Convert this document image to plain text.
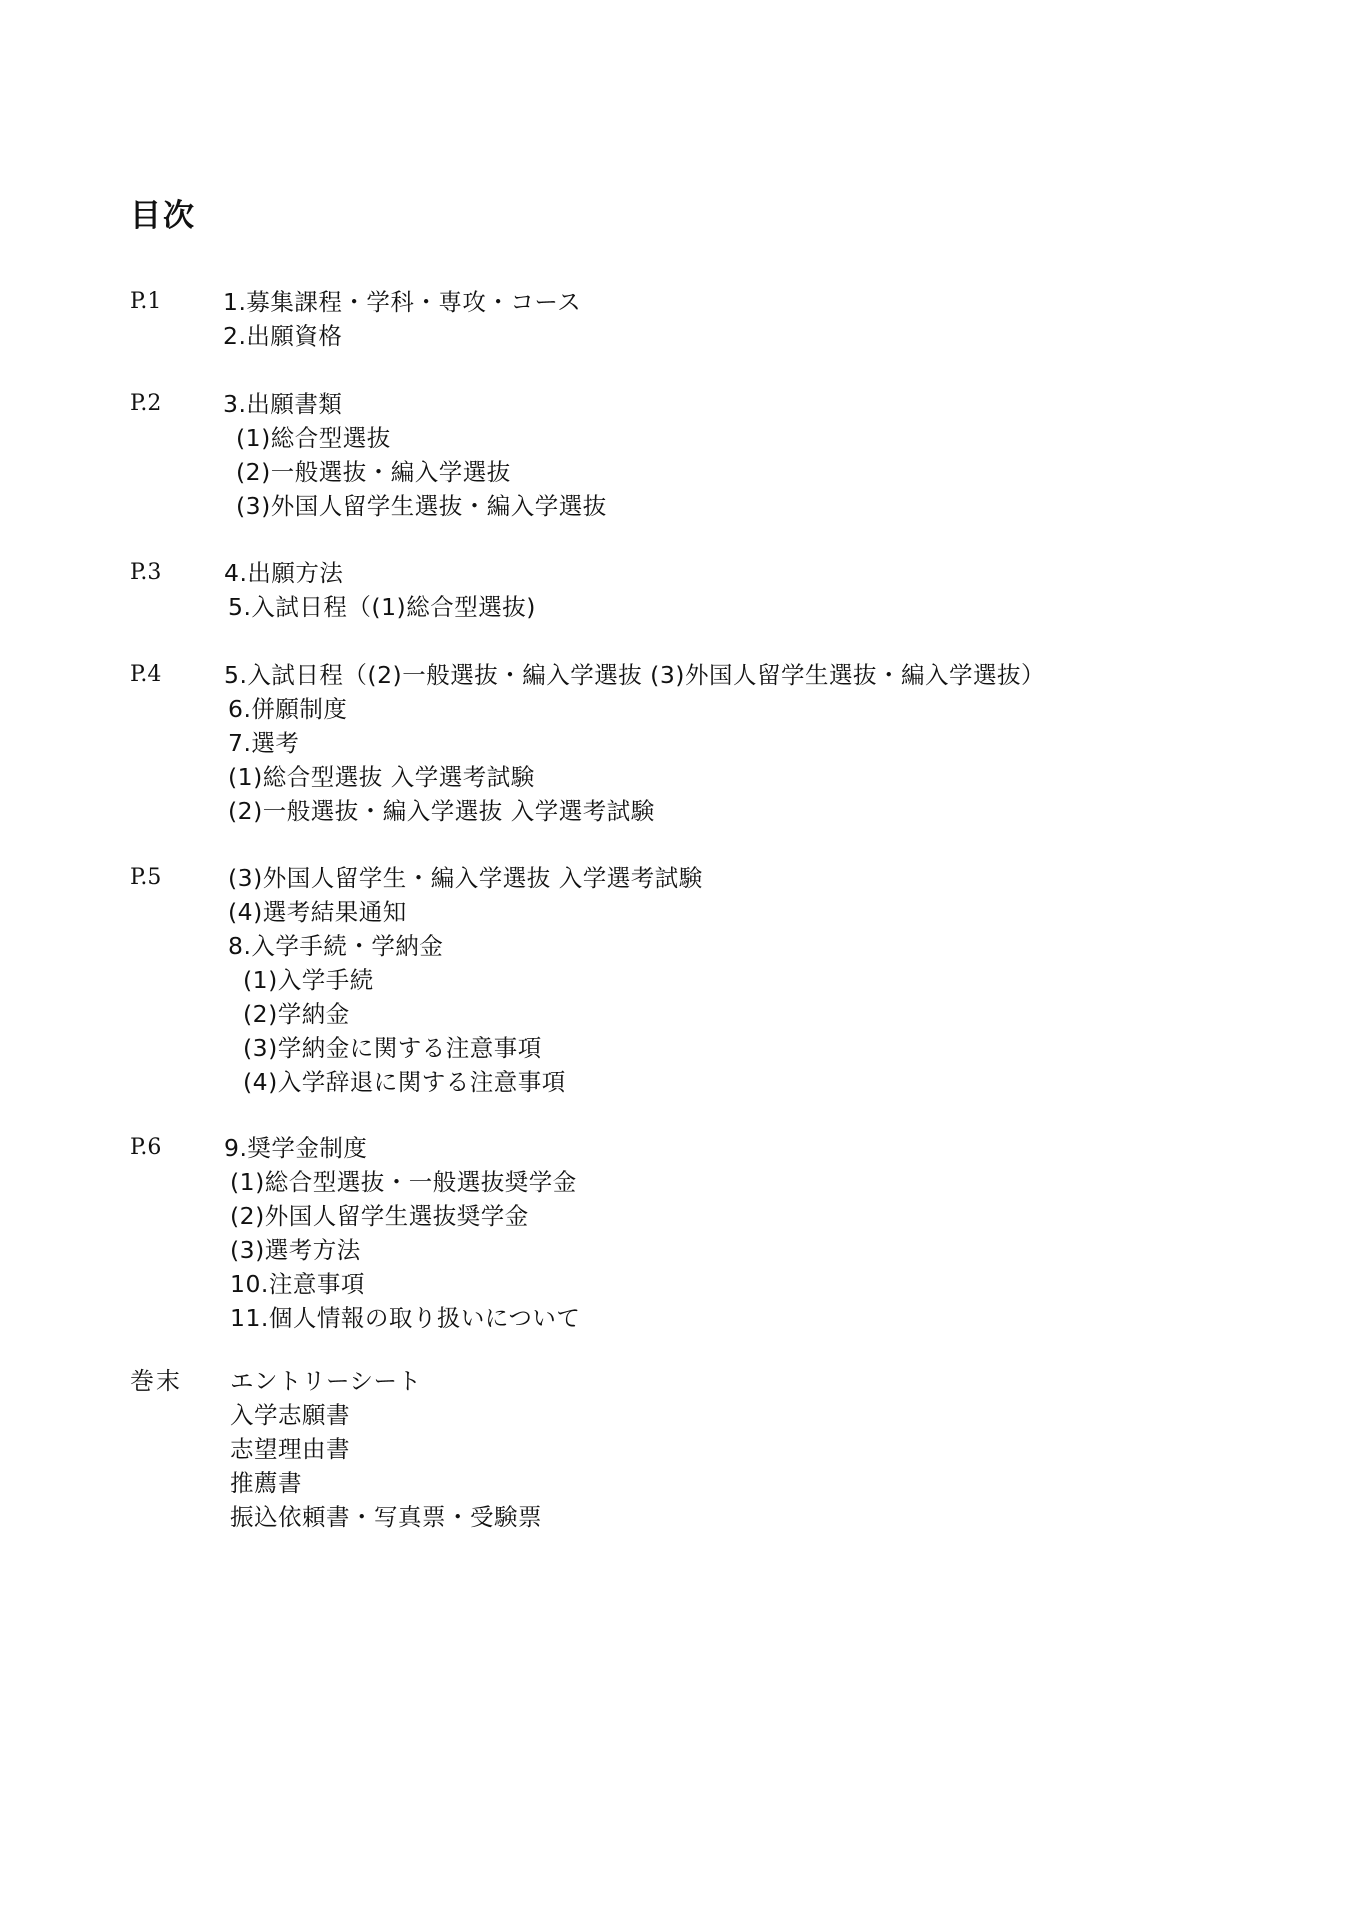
目次
P.1	1.募集課程・学科・専攻・コース
2.出願資格
P.2	3.出願書類
(1)総合型選抜
(2)一般選抜・編入学選抜
(3)外国人留学生選抜・編入学選抜
P.3	4.出願方法
5.入試日程（(1)総合型選抜)
P.4	5.入試日程（(2)一般選抜・編入学選抜 (3)外国人留学生選抜・編入学選抜）
6.併願制度
7.選考
(1)総合型選抜 入学選考試験
(2)一般選抜・編入学選抜 入学選考試験
P.5	(3)外国人留学生・編入学選抜 入学選考試験
(4)選考結果通知
8.入学手続・学納金
(1)入学手続
(2)学納金
(3)学納金に関する注意事項
(4)入学辞退に関する注意事項
P.6	9.奨学金制度
(1)総合型選抜・一般選抜奨学金
(2)外国人留学生選抜奨学金
(3)選考方法
10.注意事項
11.個人情報の取り扱いについて
巻末 エントリーシート
入学志願書
志望理由書
推薦書
振込依頼書・写真票・受験票
